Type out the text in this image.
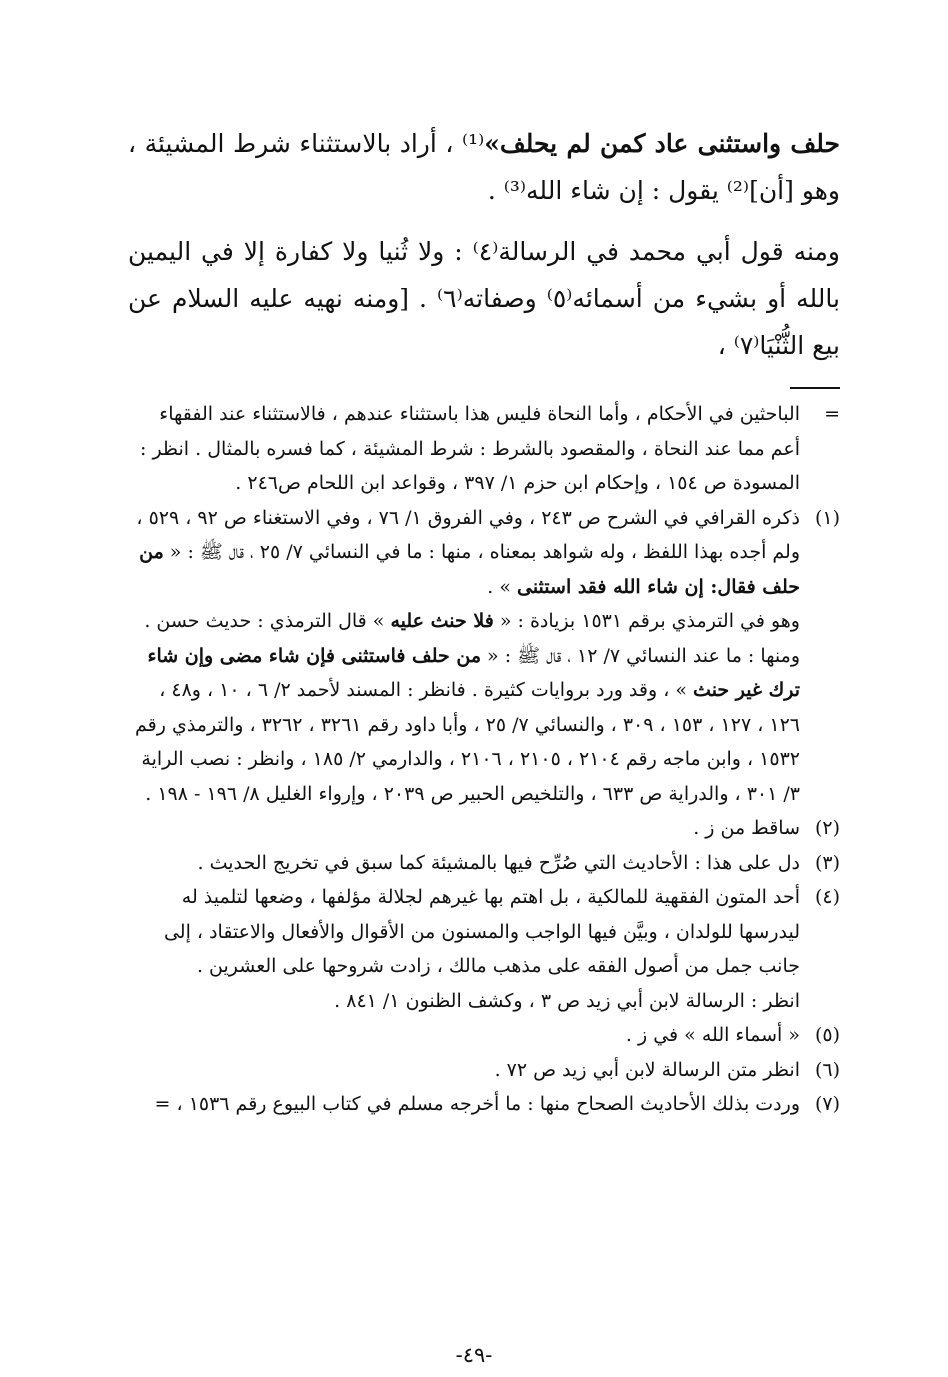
حلف واستثنى عاد كمن لم يحلف»⁽¹⁾ ، أراد بالاستثناء شرط المشيئة ، وهو [أن]⁽²⁾ يقول : إن شاء الله⁽³⁾ .

ومنه قول أبي محمد في الرسالة⁽٤⁾ : ولا ثُنيا ولا كفارة إلا في اليمين بالله أو بشيء من أسمائه⁽٥⁾ وصفاته⁽٦⁾ . [ومنه نهيه عليه السلام عن بيع الثُّنْيَا⁽٧⁾ ،

=
الباحثين في الأحكام ، وأما النحاة فليس هذا باستثناء عندهم ، فالاستثناء عند الفقهاء أعم مما عند النحاة ، والمقصود بالشرط : شرط المشيئة ، كما فسره بالمثال . انظر : المسودة ص ١٥٤ ، وإحكام ابن حزم ١/ ٣٩٧ ، وقواعد ابن اللحام ص٢٤٦ .
(١)
ذكره القرافي في الشرح ص ٢٤٣ ، وفي الفروق ١/ ٧٦ ، وفي الاستغناء ص ٩٢ ، ٥٢٩ ، ولم أجده بهذا اللفظ ، وله شواهد بمعناه ، منها : ما في النسائي ٧/ ٢٥ ، قال ﷺ : « من حلف فقال: إن شاء الله فقد استثنى » .
وهو في الترمذي برقم ١٥٣١ بزيادة : « فلا حنث عليه » قال الترمذي : حديث حسن .
ومنها : ما عند النسائي ٧/ ١٢ ، قال ﷺ : « من حلف فاستثنى فإن شاء مضى وإن شاء ترك غير حنث » ، وقد ورد بروايات كثيرة . فانظر : المسند لأحمد ٢/ ٦ ، ١٠ ، و٤٨ ، ١٢٦ ، ١٢٧ ، ١٥٣ ، ٣٠٩ ، والنسائي ٧/ ٢٥ ، وأبا داود رقم ٣٢٦١ ، ٣٢٦٢ ، والترمذي رقم ١٥٣٢ ، وابن ماجه رقم ٢١٠٤ ، ٢١٠٥ ، ٢١٠٦ ، والدارمي ٢/ ١٨٥ ، وانظر : نصب الراية ٣/ ٣٠١ ، والدراية ص ٦٣٣ ، والتلخيص الحبير ص ٢٠٣٩ ، وإرواء الغليل ٨/ ١٩٦ - ١٩٨ .
(٢)
ساقط من ز .
(٣)
دل على هذا : الأحاديث التي صُرِّح فيها بالمشيئة كما سبق في تخريج الحديث .
(٤)
أحد المتون الفقهية للمالكية ، بل اهتم بها غيرهم لجلالة مؤلفها ، وضعها لتلميذ له ليدرسها للولدان ، وبيَّن فيها الواجب والمسنون من الأقوال والأفعال والاعتقاد ، إلى جانب جمل من أصول الفقه على مذهب مالك ، زادت شروحها على العشرين .
انظر : الرسالة لابن أبي زيد ص ٣ ، وكشف الظنون ١/ ٨٤١ .
(٥)
« أسماء الله » في ز .
(٦)
انظر متن الرسالة لابن أبي زيد ص ٧٢ .
(٧)
وردت بذلك الأحاديث الصحاح منها : ما أخرجه مسلم في كتاب البيوع رقم ١٥٣٦ ، =
-٤٩-
